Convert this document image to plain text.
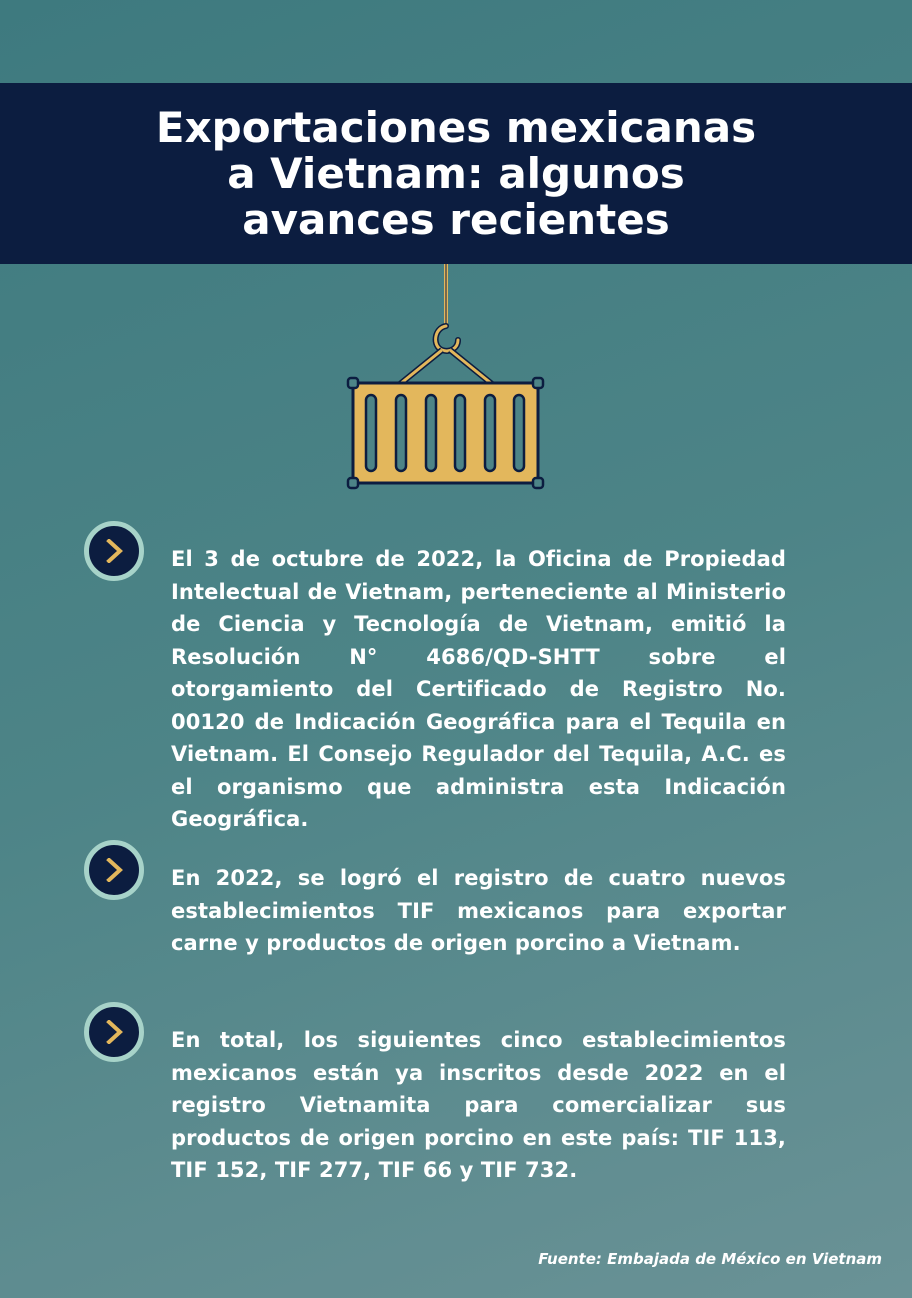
Exportaciones mexicanas
a Vietnam: algunos
avances recientes

El 3 de octubre de 2022, la Oficina de Propiedad Intelectual de Vietnam, perteneciente al Ministerio de Ciencia y Tecnología de Vietnam, emitió la Resolución N° 4686/QD-SHTT sobre el otorgamiento del Certificado de Registro No. 00120 de Indicación Geográfica para el Tequila en Vietnam. El Consejo Regulador del Tequila, A.C. es el organismo que administra esta Indicación Geográfica.

En 2022, se logró el registro de cuatro nuevos establecimientos TIF mexicanos para exportar carne y productos de origen porcino a Vietnam.

En total, los siguientes cinco establecimientos mexicanos están ya inscritos desde 2022 en el registro Vietnamita para comercializar sus productos de origen porcino en este país: TIF 113, TIF 152, TIF 277, TIF 66 y TIF 732.

Fuente: Embajada de México en Vietnam
